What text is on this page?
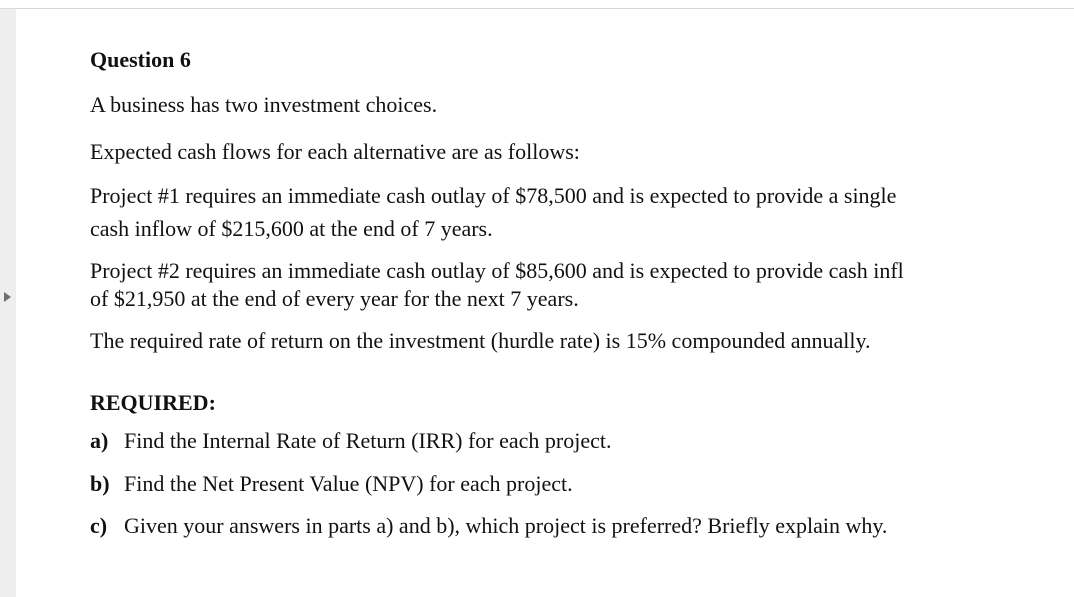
Question 6
A business has two investment choices.
Expected cash flows for each alternative are as follows:
Project #1 requires an immediate cash outlay of $78,500 and is expected to provide a single
cash inflow of $215,600 at the end of 7 years.
Project #2 requires an immediate cash outlay of $85,600 and is expected to provide cash infl
of $21,950 at the end of every year for the next 7 years.
The required rate of return on the investment (hurdle rate) is 15% compounded annually.
REQUIRED:
a) Find the Internal Rate of Return (IRR) for each project.
b) Find the Net Present Value (NPV) for each project.
c) Given your answers in parts a) and b), which project is preferred? Briefly explain why.
